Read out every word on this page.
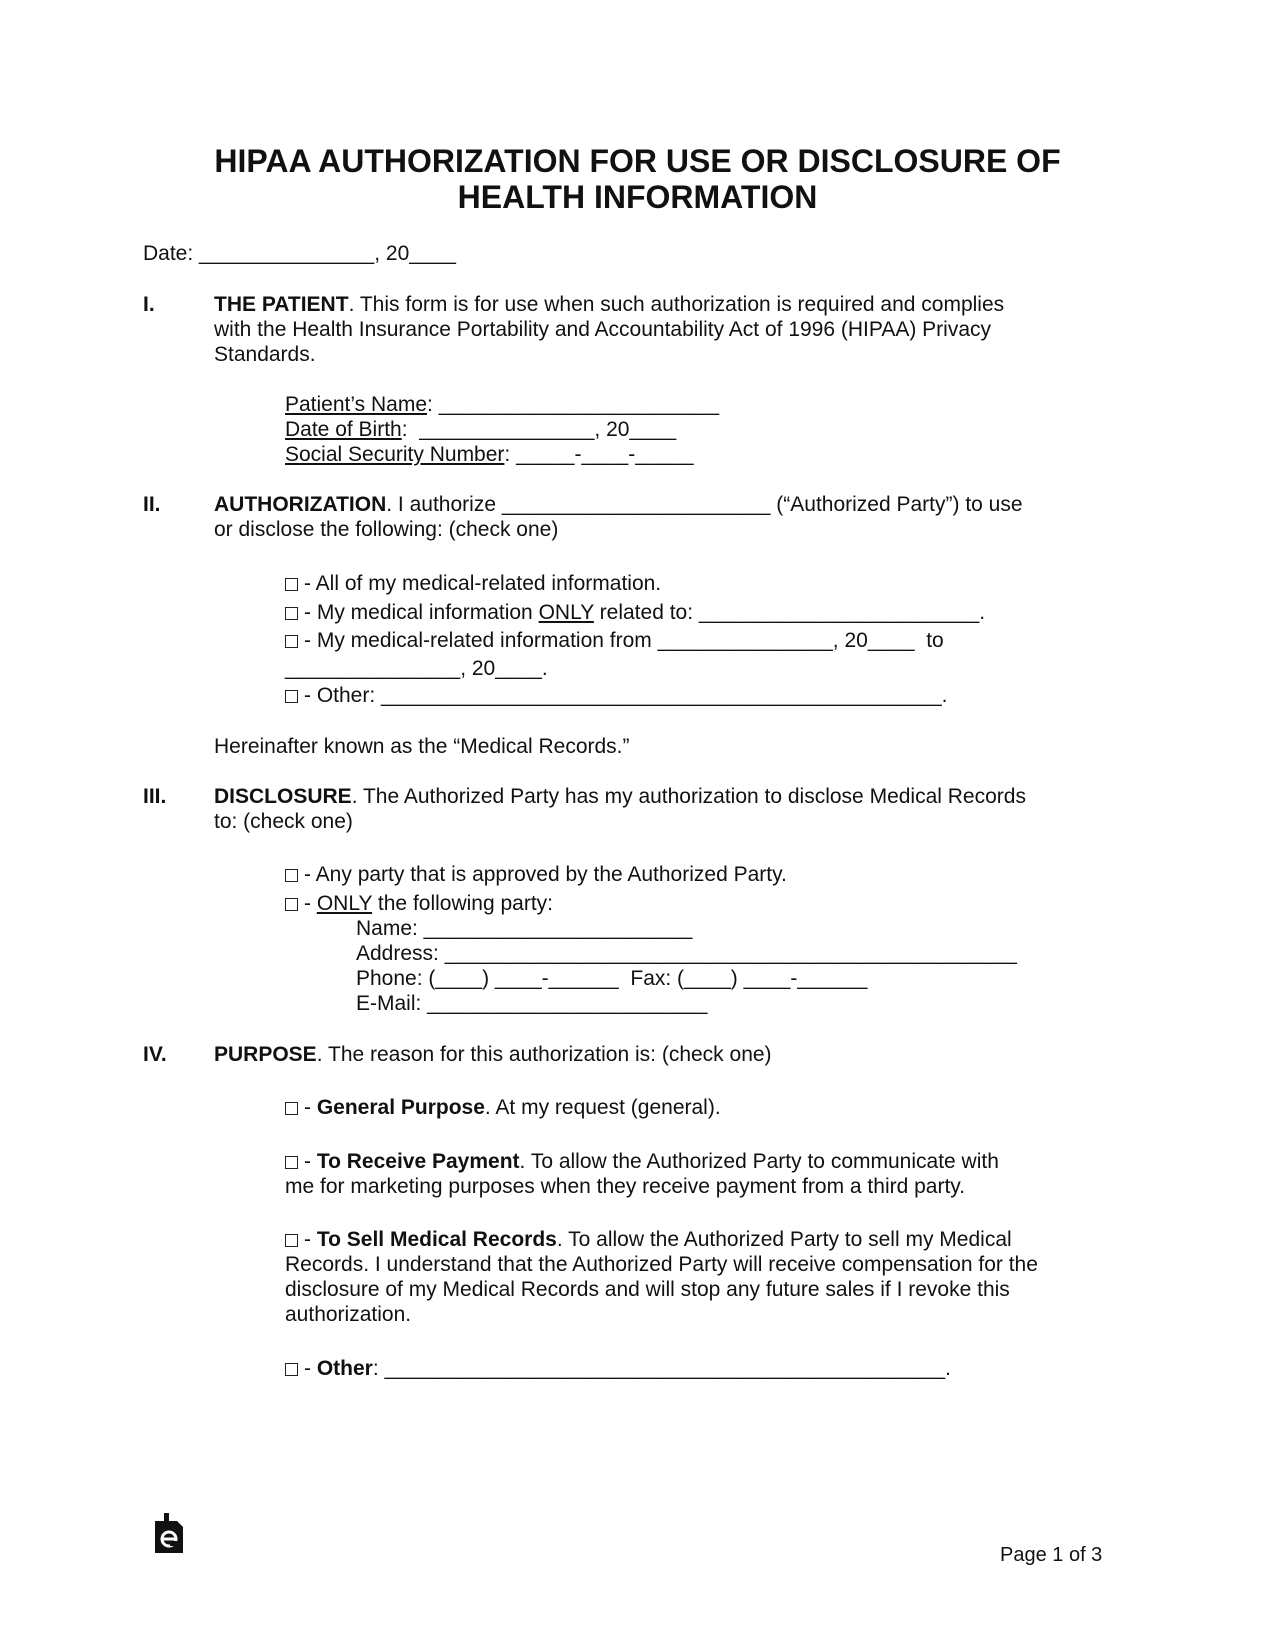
HIPAA AUTHORIZATION FOR USE OR DISCLOSURE OF
HEALTH INFORMATION
Date: _______________, 20____
I.	THE PATIENT. This form is for use when such authorization is required and complies
with the Health Insurance Portability and Accountability Act of 1996 (HIPAA) Privacy
Standards.
Patient’s Name: ________________________
Date of Birth:  _______________, 20____
Social Security Number: _____-____-_____
II.	AUTHORIZATION. I authorize _______________________ (“Authorized Party”) to use
or disclose the following: (check one)
- All of my medical-related information.
- My medical information ONLY related to: ________________________.
- My medical-related information from _______________, 20____  to
_______________, 20____.
- Other: ________________________________________________.
Hereinafter known as the “Medical Records.”
III. DISCLOSURE. The Authorized Party has my authorization to disclose Medical Records
to: (check one)
- Any party that is approved by the Authorized Party.
- ONLY the following party:
Name: _______________________
Address: _________________________________________________
Phone: (____) ____-______  Fax: (____) ____-______
E-Mail: ________________________
IV. PURPOSE. The reason for this authorization is: (check one)
- General Purpose. At my request (general).
- To Receive Payment. To allow the Authorized Party to communicate with
me for marketing purposes when they receive payment from a third party.
- To Sell Medical Records. To allow the Authorized Party to sell my Medical
Records. I understand that the Authorized Party will receive compensation for the
disclosure of my Medical Records and will stop any future sales if I revoke this
authorization.
- Other: ________________________________________________.
Page 1 of 3
